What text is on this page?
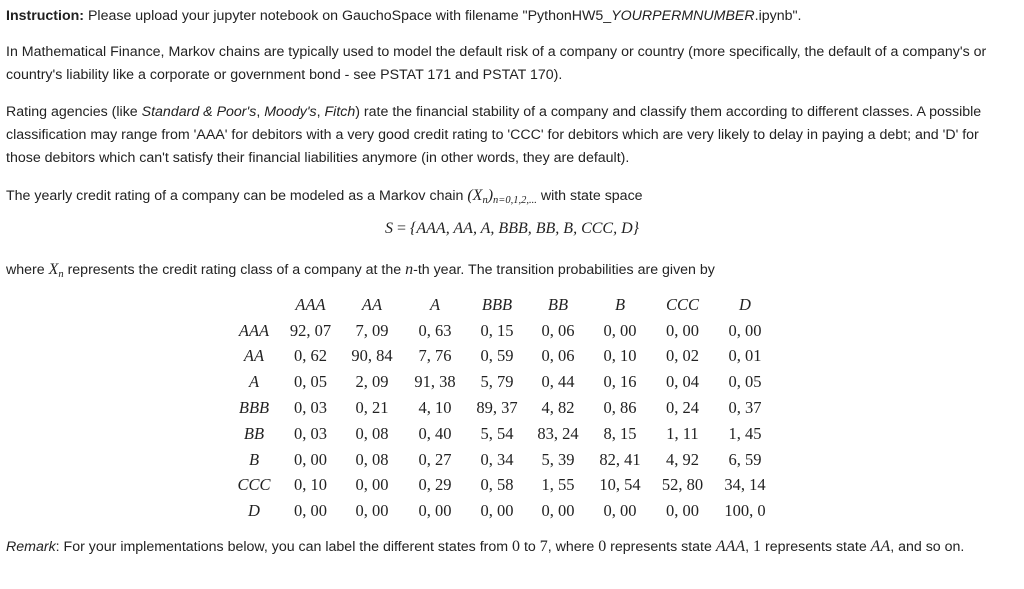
Instruction: Please upload your jupyter notebook on GauchoSpace with filename "PythonHW5_YOURPERMNUMBER.ipynb".

In Mathematical Finance, Markov chains are typically used to model the default risk of a company or country (more specifically, the default of a company's or country's liability like a corporate or government bond - see PSTAT 171 and PSTAT 170).

Rating agencies (like Standard & Poor's, Moody's, Fitch) rate the financial stability of a company and classify them according to different classes. A possible classification may range from 'AAA' for debitors with a very good credit rating to 'CCC' for debitors which are very likely to delay in paying a debt; and 'D' for those debitors which can't satisfy their financial liabilities anymore (in other words, they are default).

The yearly credit rating of a company can be modeled as a Markov chain $(X_n)_{n=0,1,2,...}$ with state space

S = {AAA, AA, A, BBB, BB, B, CCC, D}

where $X_n$ represents the credit rating class of a company at the n-th year. The transition probabilities are given by

	AAA	AA	A	BBB	BB	B	CCC	D
AAA	92, 07	7, 09	0, 63	0, 15	0, 06	0, 00	0, 00	0, 00
AA	0, 62	90, 84	7, 76	0, 59	0, 06	0, 10	0, 02	0, 01
A	0, 05	2, 09	91, 38	5, 79	0, 44	0, 16	0, 04	0, 05
BBB	0, 03	0, 21	4, 10	89, 37	4, 82	0, 86	0, 24	0, 37
BB	0, 03	0, 08	0, 40	5, 54	83, 24	8, 15	1, 11	1, 45
B	0, 00	0, 08	0, 27	0, 34	5, 39	82, 41	4, 92	6, 59
CCC	0, 10	0, 00	0, 29	0, 58	1, 55	10, 54	52, 80	34, 14
D	0, 00	0, 00	0, 00	0, 00	0, 00	0, 00	0, 00	100, 0

Remark: For your implementations below, you can label the different states from 0 to 7, where 0 represents state AAA, 1 represents state AA, and so on.
